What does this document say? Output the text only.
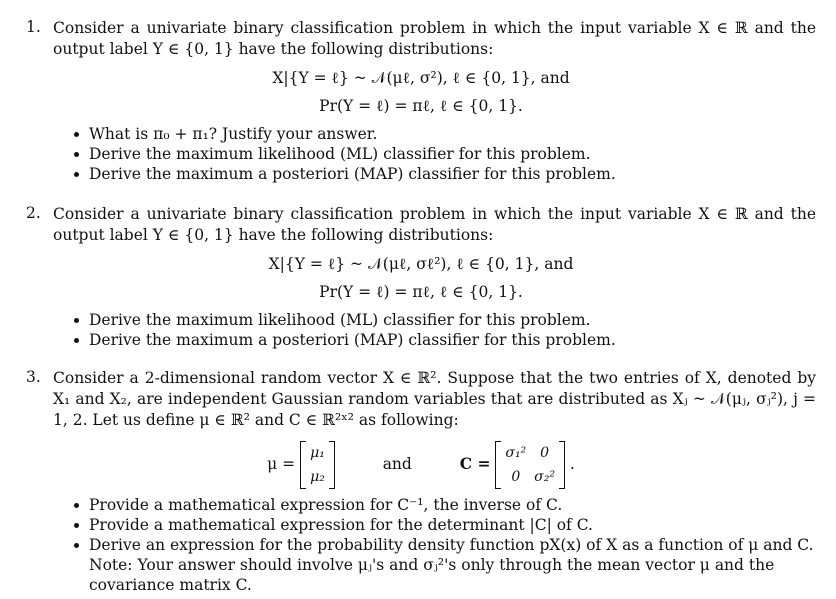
1. Consider a univariate binary classification problem in which the input variable X ∈ ℝ and the output label Y ∈ {0, 1} have the following distributions:
X|{Y = ℓ} ~ 𝒩(μℓ, σ²), ℓ ∈ {0, 1}, and
Pr(Y = ℓ) = πℓ, ℓ ∈ {0, 1}.
What is π₀ + π₁? Justify your answer.
Derive the maximum likelihood (ML) classifier for this problem.
Derive the maximum a posteriori (MAP) classifier for this problem.
2. Consider a univariate binary classification problem in which the input variable X ∈ ℝ and the output label Y ∈ {0, 1} have the following distributions:
X|{Y = ℓ} ~ 𝒩(μℓ, σℓ²), ℓ ∈ {0, 1}, and
Pr(Y = ℓ) = πℓ, ℓ ∈ {0, 1}.
Derive the maximum likelihood (ML) classifier for this problem.
Derive the maximum a posteriori (MAP) classifier for this problem.
3. Consider a 2-dimensional random vector X ∈ ℝ². Suppose that the two entries of X, denoted by X₁ and X₂, are independent Gaussian random variables that are distributed as Xⱼ ~ 𝒩(μⱼ, σⱼ²), j = 1, 2. Let us define μ ∈ ℝ² and C ∈ ℝ²ˣ² as following:
μ =
μ₁
μ₂
and	C =
σ₁²	0
0	σ₂²
.
Provide a mathematical expression for C⁻¹, the inverse of C.
Provide a mathematical expression for the determinant |C| of C.
Derive an expression for the probability density function pX(x) of X as a function of μ and C. Note: Your answer should involve μⱼ's and σⱼ²'s only through the mean vector μ and the covariance matrix C.
